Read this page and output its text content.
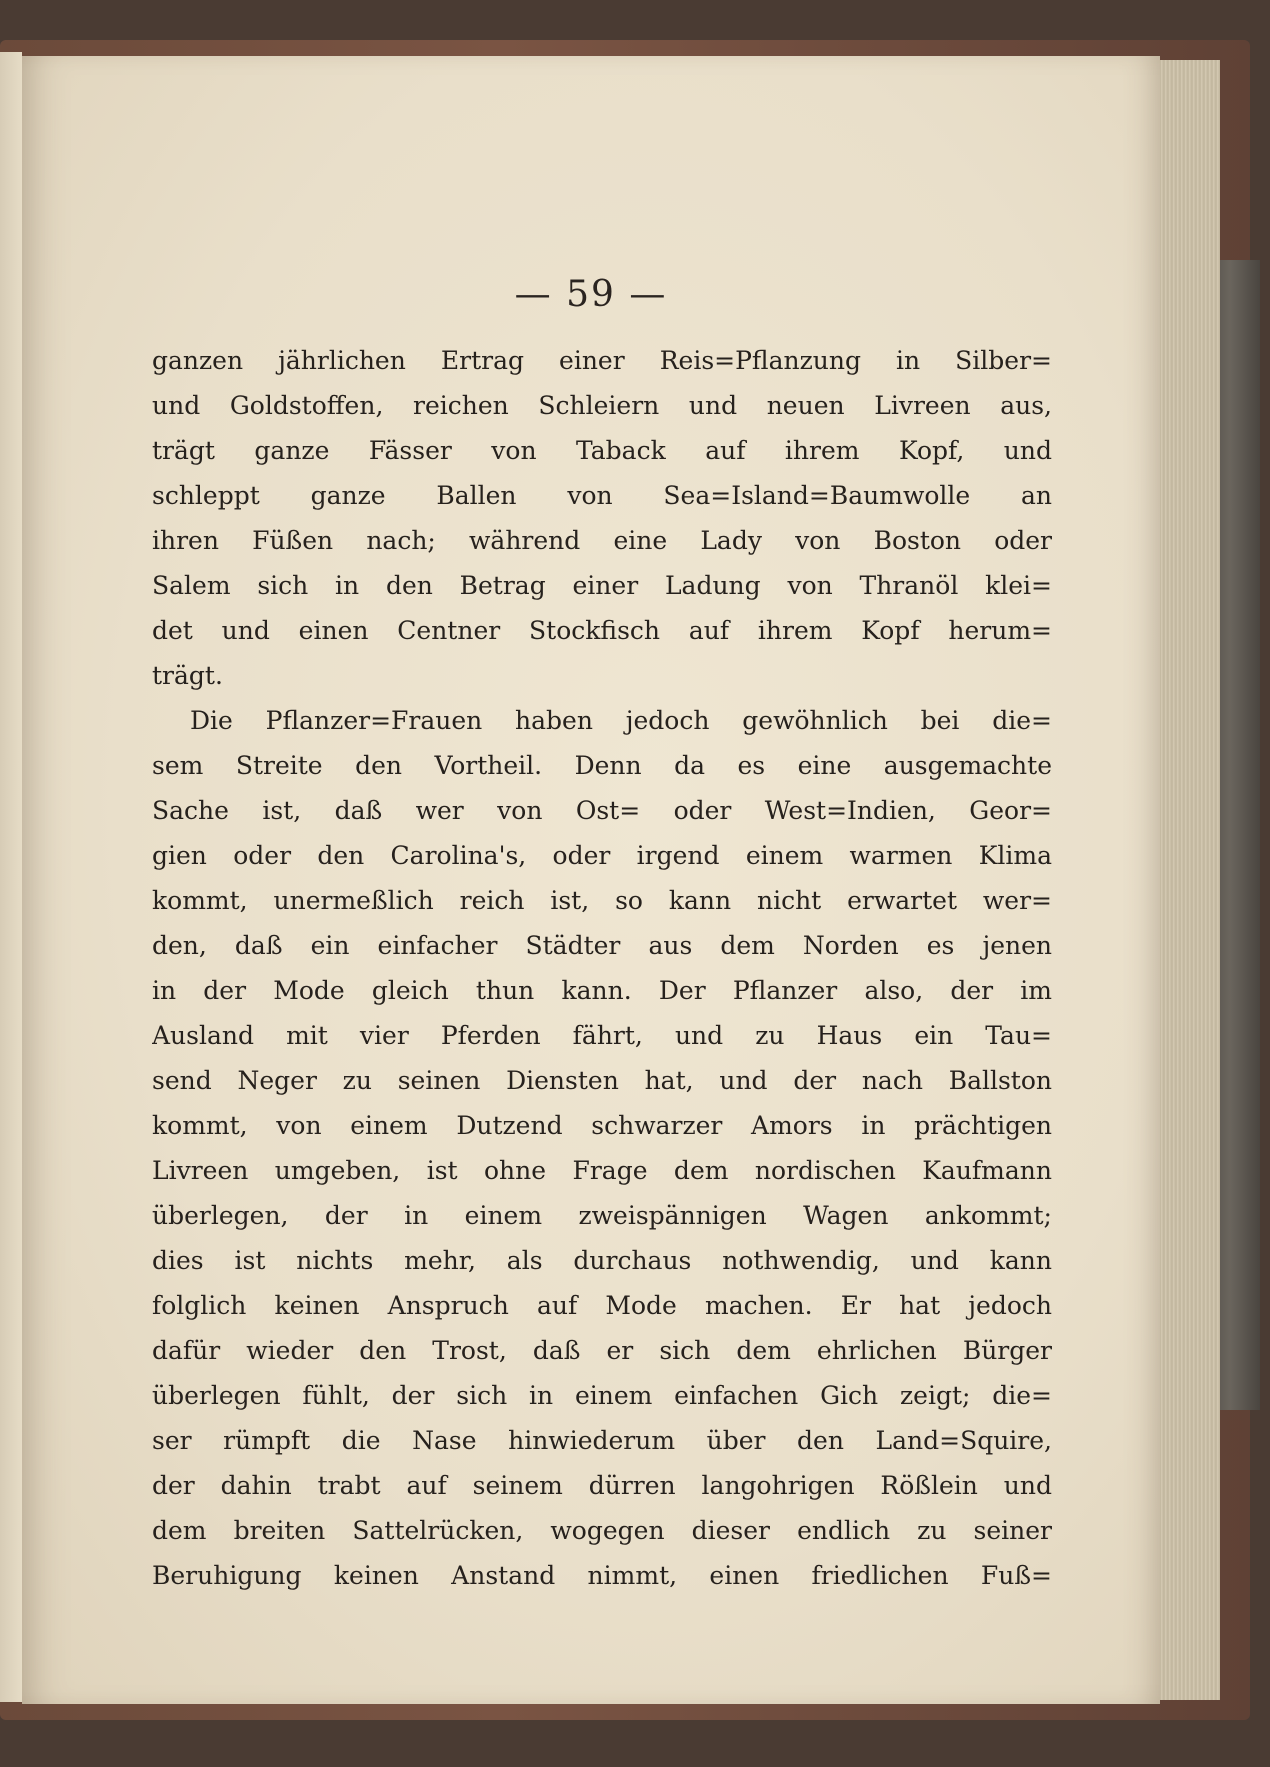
— 59 —
ganzen jährlichen Ertrag einer Reis=Pflanzung in Silber=
und Goldstoffen, reichen Schleiern und neuen Livreen aus,
trägt ganze Fässer von Taback auf ihrem Kopf, und
schleppt ganze Ballen von Sea=Island=Baumwolle an
ihren Füßen nach; während eine Lady von Boston oder
Salem sich in den Betrag einer Ladung von Thranöl klei=
det und einen Centner Stockfisch auf ihrem Kopf herum=
trägt.
Die Pflanzer=Frauen haben jedoch gewöhnlich bei die=
sem Streite den Vortheil. Denn da es eine ausgemachte
Sache ist, daß wer von Ost= oder West=Indien, Geor=
gien oder den Carolina's, oder irgend einem warmen Klima
kommt, unermeßlich reich ist, so kann nicht erwartet wer=
den, daß ein einfacher Städter aus dem Norden es jenen
in der Mode gleich thun kann. Der Pflanzer also, der im
Ausland mit vier Pferden fährt, und zu Haus ein Tau=
send Neger zu seinen Diensten hat, und der nach Ballston
kommt, von einem Dutzend schwarzer Amors in prächtigen
Livreen umgeben, ist ohne Frage dem nordischen Kaufmann
überlegen, der in einem zweispännigen Wagen ankommt;
dies ist nichts mehr, als durchaus nothwendig, und kann
folglich keinen Anspruch auf Mode machen. Er hat jedoch
dafür wieder den Trost, daß er sich dem ehrlichen Bürger
überlegen fühlt, der sich in einem einfachen Gich zeigt; die=
ser rümpft die Nase hinwiederum über den Land=Squire,
der dahin trabt auf seinem dürren langohrigen Rößlein und
dem breiten Sattelrücken, wogegen dieser endlich zu seiner
Beruhigung keinen Anstand nimmt, einen friedlichen Fuß=
